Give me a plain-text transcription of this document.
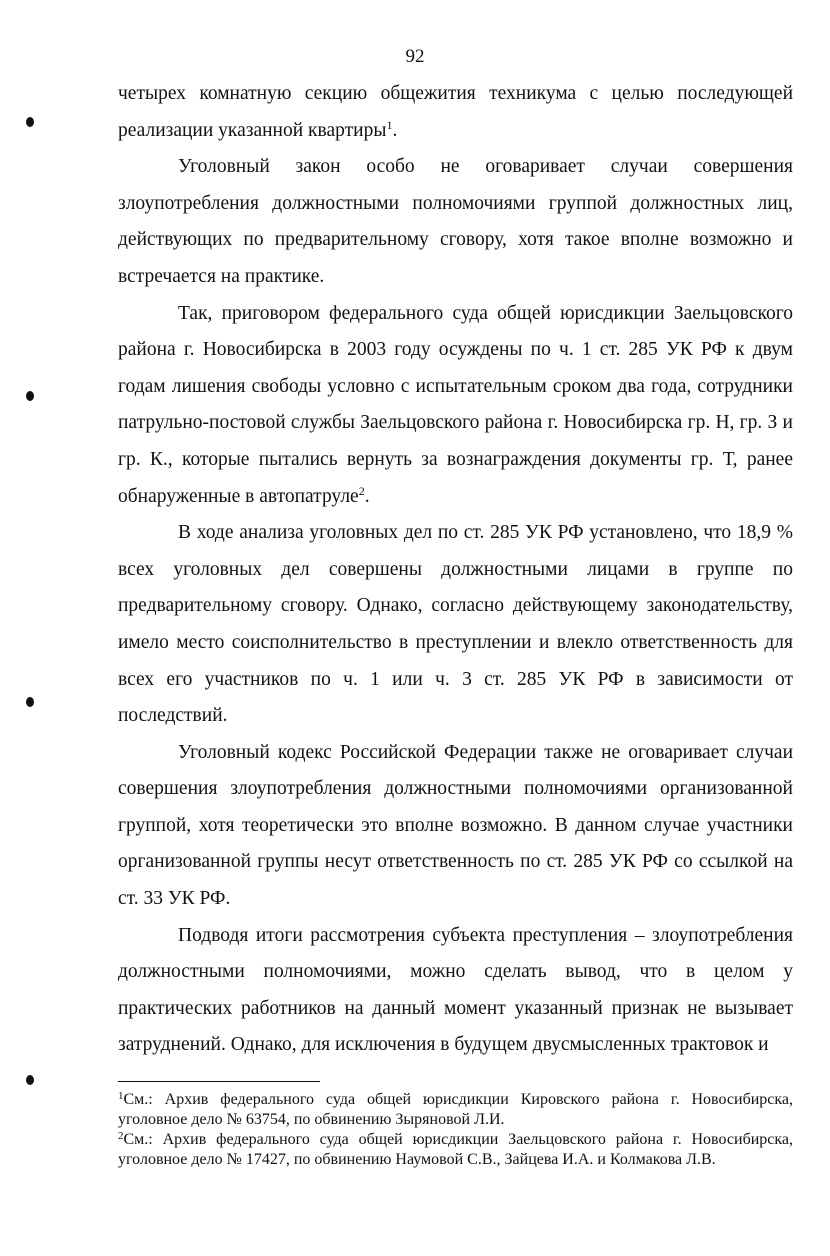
92

четырех комнатную секцию общежития техникума с целью последующей реализации указанной квартиры$^1$.

Уголовный закон особо не оговаривает случаи совершения злоупотребления должностными полномочиями группой должностных лиц, действующих по предварительному сговору, хотя такое вполне возможно и встречается на практике.

Так, приговором федерального суда общей юрисдикции Заельцовского района г. Новосибирска в 2003 году осуждены по ч. 1 ст. 285 УК РФ к двум годам лишения свободы условно с испытательным сроком два года, сотрудники патрульно-постовой службы Заельцовского района г. Новосибирска гр. Н, гр. З и гр. К., которые пытались вернуть за вознаграждения документы гр. Т, ранее обнаруженные в автопатруле$^2$.

В ходе анализа уголовных дел по ст. 285 УК РФ установлено, что 18,9 % всех уголовных дел совершены должностными лицами в группе по предварительному сговору. Однако, согласно действующему законодательству, имело место соисполнительство в преступлении и влекло ответственность для всех его участников по ч. 1 или ч. 3 ст. 285 УК РФ в зависимости от последствий.

Уголовный кодекс Российской Федерации также не оговаривает случаи совершения злоупотребления должностными полномочиями организованной группой, хотя теоретически это вполне возможно. В данном случае участники организованной группы несут ответственность по ст. 285 УК РФ со ссылкой на ст. 33 УК РФ.

Подводя итоги рассмотрения субъекта преступления – злоупотребления должностными полномочиями, можно сделать вывод, что в целом у практических работников на данный момент указанный признак не вызывает затруднений. Однако, для исключения в будущем двусмысленных трактовок и

$^1$См.: Архив федерального суда общей юрисдикции Кировского района г. Новосибирска, уголовное дело № 63754, по обвинению Зыряновой Л.И.

$^2$См.: Архив федерального суда общей юрисдикции Заельцовского района г. Новосибирска, уголовное дело № 17427, по обвинению Наумовой С.В., Зайцева И.А. и Колмакова Л.В.
